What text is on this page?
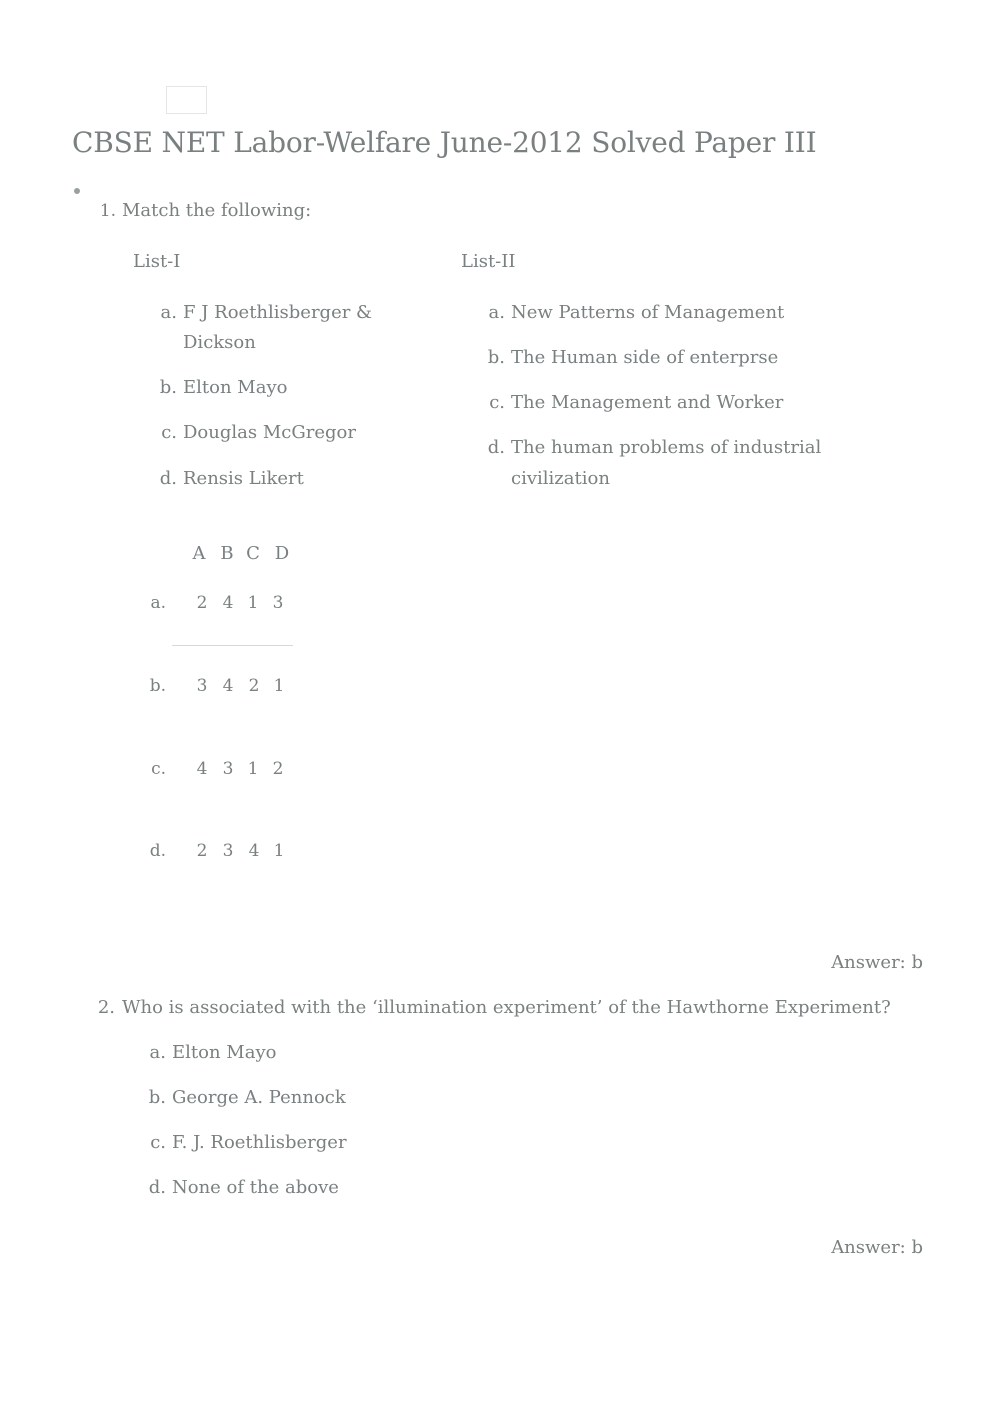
CBSE NET Labor-Welfare June-2012 Solved Paper III
1. Match the following:
List-I
a. F J Roethlisberger &
Dickson
b. Elton Mayo
c. Douglas McGregor
d. Rensis Likert
List-II
a. New Patterns of Management
b. The Human side of enterprse
c. The Management and Worker
d. The human problems of industrial
civilization
A B C D
a. 2 4 1 3
b. 3 4 2 1
c. 4 3 1 2
d. 2 3 4 1
Answer: b
2. Who is associated with the ‘illumination experiment’ of the Hawthorne Experiment?
a. Elton Mayo
b. George A. Pennock
c. F. J. Roethlisberger
d. None of the above
Answer: b
